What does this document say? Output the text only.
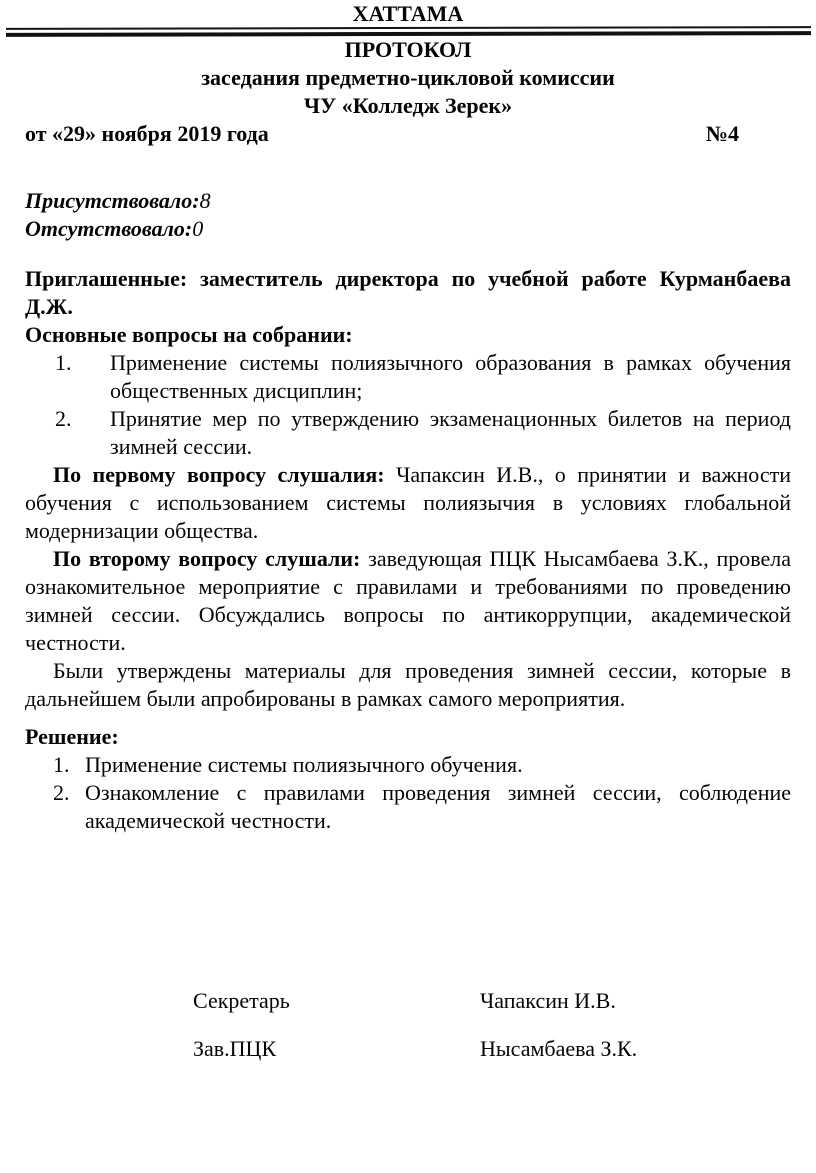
ХАТТАМА
ПРОТОКОЛ
заседания предметно-цикловой комиссии
ЧУ «Колледж Зерек»
от «29» ноября 2019 года	№4
Присутствовало:8
Отсутствовало:0
Приглашенные: заместитель директора по учебной работе Курманбаева Д.Ж.
Основные вопросы на собрании:
1.	Применение системы полиязычного образования в рамках обучения общественных дисциплин;
2.	Принятие мер по утверждению экзаменационных билетов на период зимней сессии.
По первому вопросу слушалия: Чапаксин И.В., о принятии и важности обучения с использованием системы полиязычия в условиях глобальной модернизации общества.
По второму вопросу слушали: заведующая ПЦК Нысамбаева З.К., провела ознакомительное мероприятие с правилами и требованиями по проведению зимней сессии. Обсуждались вопросы по антикоррупции, академической честности.
Были утверждены материалы для проведения зимней сессии, которые в дальнейшем были апробированы в рамках самого мероприятия.
Решение:
1. Применение системы полиязычного обучения.
2. Ознакомление с правилами проведения зимней сессии, соблюдение академической честности.
Секретарь	Чапаксин И.В.
Зав.ПЦК	Нысамбаева З.К.
